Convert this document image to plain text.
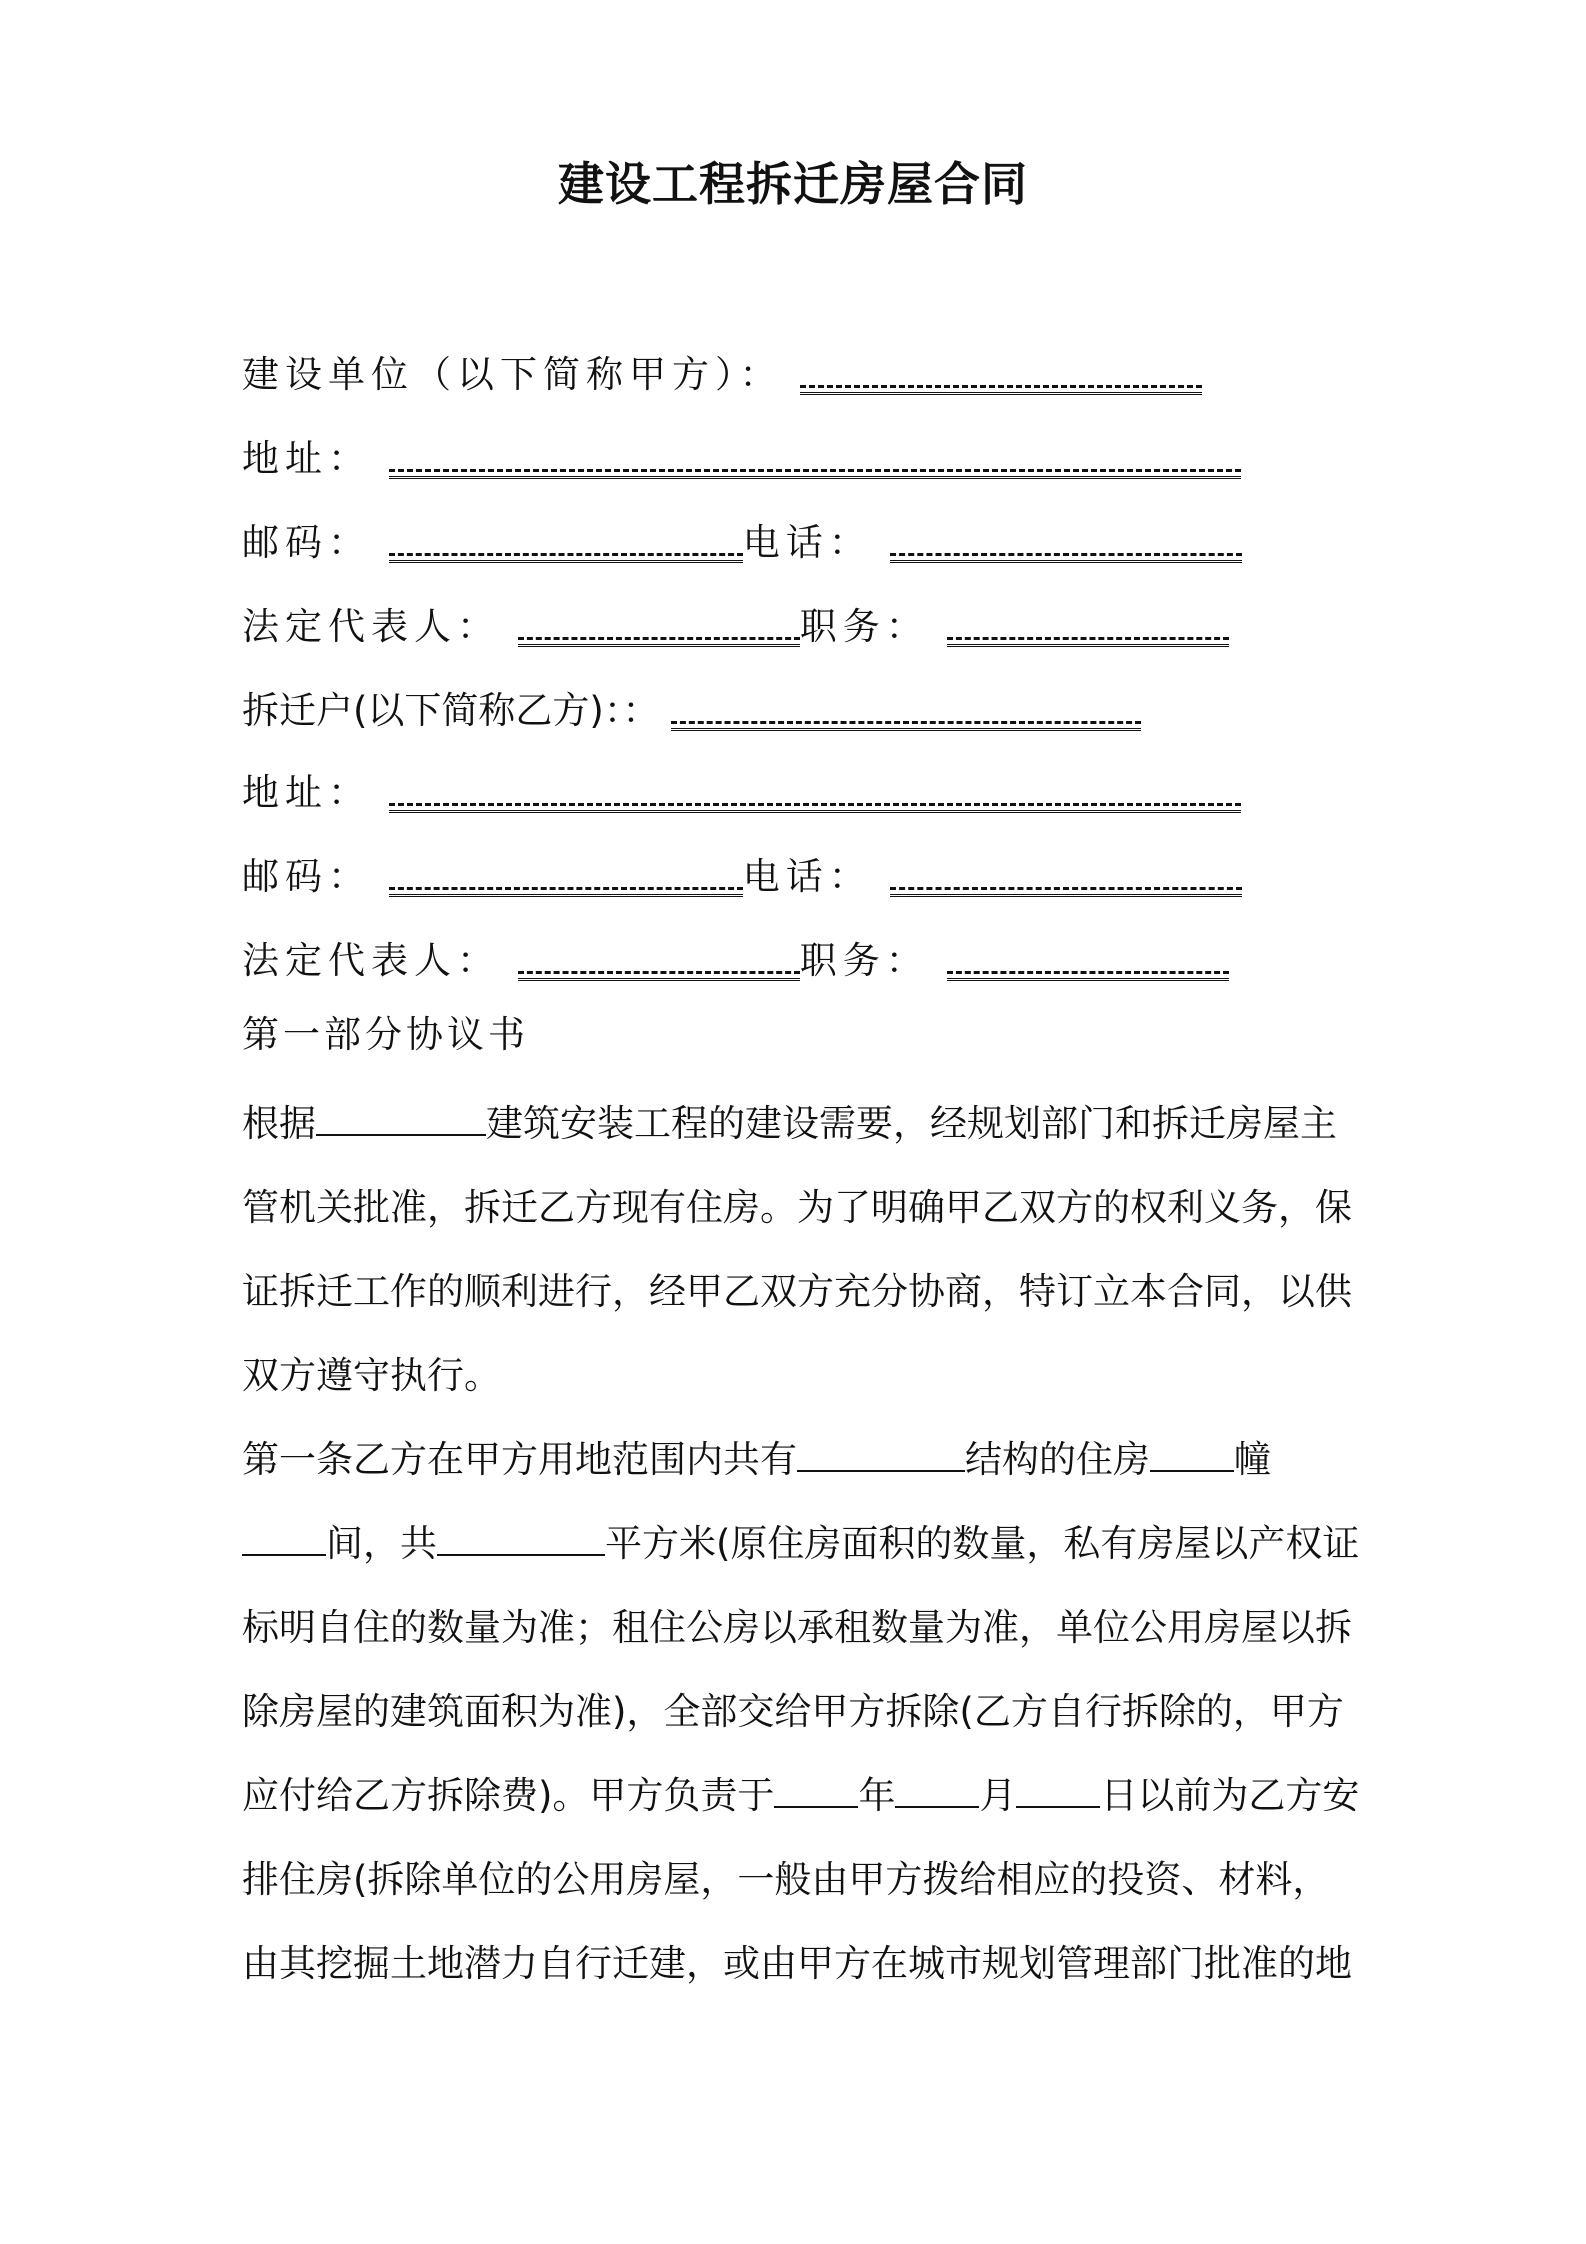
建设工程拆迁房屋合同
建设单位（以下简称甲方）：
地址：
邮码：	电话：
法定代表人：	职务：
拆迁户(以下简称乙方)：：
地址：
邮码：	电话：
法定代表人：	职务：
第一部分协议书
根据	建筑安装工程的建设需要，经规划部门和拆迁房屋主
管机关批准，拆迁乙方现有住房。为了明确甲乙双方的权利义务，保
证拆迁工作的顺利进行，经甲乙双方充分协商，特订立本合同，以供
双方遵守执行。
第一条乙方在甲方用地范围内共有	结构的住房 幢
间，共	平方米(原住房面积的数量，私有房屋以产权证
标明自住的数量为准；租住公房以承租数量为准，单位公用房屋以拆
除房屋的建筑面积为准)，全部交给甲方拆除(乙方自行拆除的，甲方
应付给乙方拆除费)。甲方负责于 年 月 日以前为乙方安
排住房(拆除单位的公用房屋，一般由甲方拨给相应的投资、材料，
由其挖掘土地潜力自行迁建，或由甲方在城市规划管理部门批准的地
